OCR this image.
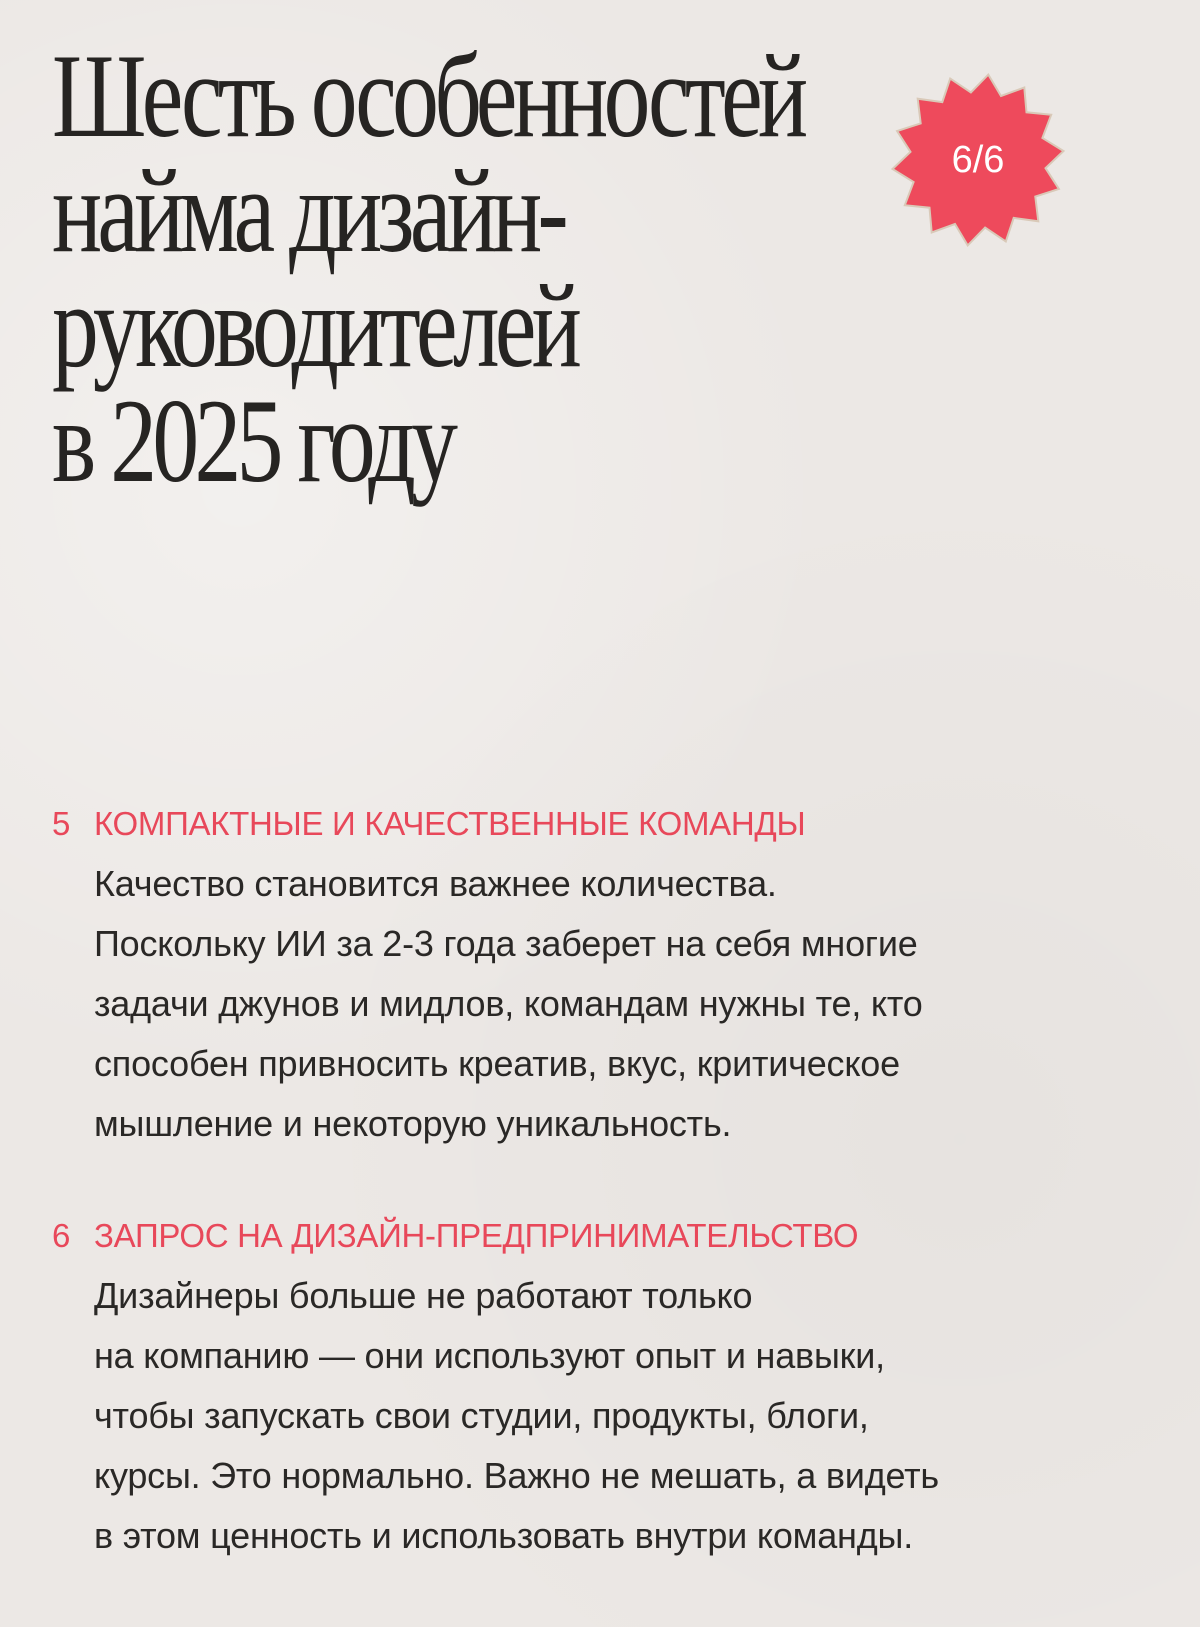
Шесть особенностей
найма дизайн-
руководителей
в 2025 году
6/6
5 КОМПАКТНЫЕ И КАЧЕСТВЕННЫЕ КОМАНДЫ

Качество становится важнее количества.
Поскольку ИИ за 2-3 года заберет на себя многие
задачи джунов и мидлов, командам нужны те, кто
способен привносить креатив, вкус, критическое
мышление и некоторую уникальность.

6 ЗАПРОС НА ДИЗАЙН-ПРЕДПРИНИМАТЕЛЬСТВО

Дизайнеры больше не работают только
на компанию — они используют опыт и навыки,
чтобы запускать свои студии, продукты, блоги,
курсы. Это нормально. Важно не мешать, а видеть
в этом ценность и использовать внутри команды.
